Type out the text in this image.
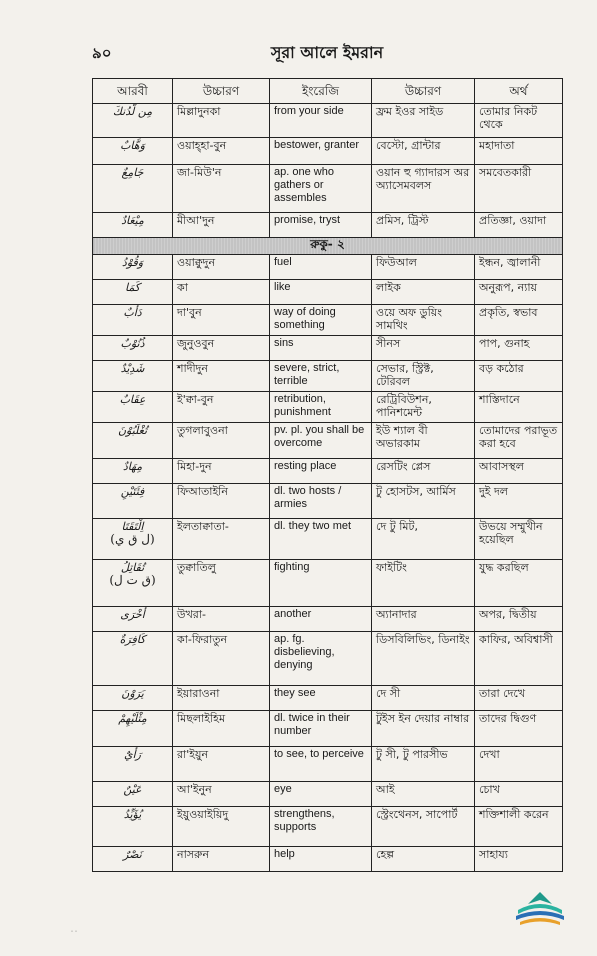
৯০	সূরা আলে ইমরান
আরবী	উচ্চারণ	ইংরেজি	উচ্চারণ	অর্থ
مِن لَّدُنكَ	মিল্লাদুনকা	from your side	ফ্রম ইওর সাইড	তোমার নিকট থেকে
وَهَّابٌ	ওয়াহ্হা-বুন	bestower, granter	বেস্টো, গ্রান্টার	মহাদাতা
جَامِعٌ	জা-মিউ'ন	ap. one who gathers or assembles	ওয়ান হু গ্যাদারস অর অ্যাসেমবলস	সমবেতকারী
مِيْعَادٌ	মীআ'দুন	promise, tryst	প্রমিস, ট্রিস্ট	প্রতিজ্ঞা, ওয়াদা
রুকু- ২				
وَقُوْدُ	ওয়াক্বুদুন	fuel	ফিউআল	ইন্ধন, জ্বালানী
كَمَا	কা	like	লাইক	অনুরূপ, ন্যায়
دَأْبٌ	দা'বুন	way of doing something	ওয়ে অফ ডুয়িং সামথিং	প্রকৃতি, স্বভাব
ذُنُوْبٌ	জুনুওবুন	sins	সীনস	পাপ, গুনাহ
شَدِيْدٌ	শাদীদুন	severe, strict, terrible	সেভার, স্ট্রিক্ট, টেরিবল	বড় কঠোর
عِقَابٌ	ই'ক্বা-বুন	retribution, punishment	রেট্রিবিউশন, পানিশমেন্ট	শাস্তিদানে
تُغْلَبُوْنَ	তুগলাবুওনা	pv. pl. you shall be overcome	ইউ শ্যাল বী অভারকাম	তোমাদের পরাভূত করা হবে
مِهَادٌ	মিহা-দুন	resting place	রেসটিং প্লেস	আবাসস্থল
فِئَتَيْنِ	ফিআতাইনি	dl. two hosts / armies	টু হোসটস, আর্মিস	দুই দল
اِلْتَقَتَا
(ل ق ي)	ইলতাক্বাতা-	dl. they two met	দে টু মিট,	উভয়ে সম্মুখীন হয়েছিল
تُقَاتِلُ
(ق ت ل)	তুক্বাতিলু	fighting	ফাইটিং	যুদ্ধ করছিল
أُخْرَى	উখরা-	another	অ্যানাদার	অপর, দ্বিতীয়
كَافِرَةٌ	কা-ফিরাতুন	ap. fg. disbelieving, denying	ডিসবিলিভিং, ডিনাইং	কাফির, অবিশ্বাসী
يَرَوْنَ	ইয়ারাওনা	they see	দে সী	তারা দেখে
مِثْلَيْهِمْ	মিছলাইহিম	dl. twice in their number	টুইস ইন দেয়ার নাম্বার	তাদের দ্বিগুণ
رَأْيٌ	রা'ইয়ুন	to see, to perceive	টু সী, টু পারসীভ	দেখা
عَيْنٌ	আ'ইনুন	eye	আই	চোখ
يُؤَيِّدُ	ইয়ুওয়াইয়িদু	strengthens, supports	স্ট্রেংথেনস, সাপোর্ট	শক্তিশালী করেন
نَصْرٌ	নাসরুন	help	হেল্প	সাহায্য
˙˙
